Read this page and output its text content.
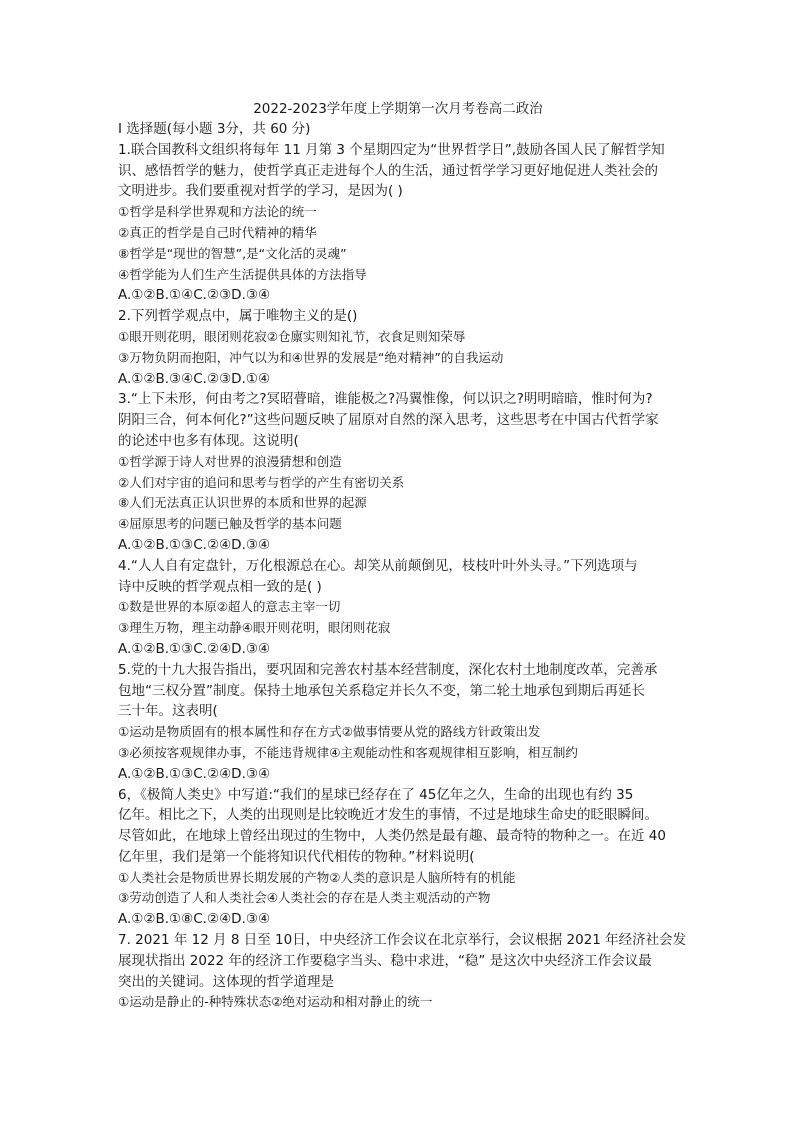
2022-2023学年度上学期第一次月考卷高二政治

I 选择题(每小题 3分，共 60 分)

1.联合国教科文组织将每年 11 月第 3 个星期四定为“世界哲学日”,鼓励各国人民了解哲学知

识、感悟哲学的魅力，使哲学真正走进每个人的生活，通过哲学学习更好地促进人类社会的

文明进步。我们要重视对哲学的学习，是因为( )

①哲学是科学世界观和方法论的统一

②真正的哲学是自己时代精神的精华

⑧哲学是“现世的智慧”,是“文化活的灵魂”

④哲学能为人们生产生活提供具体的方法指导

A.①②B.①④C.②③D.③④

2.下列哲学观点中，属于唯物主义的是()

①眼开则花明，眼闭则花寂②仓廪实则知礼节，衣食足则知荣辱

③万物负阴而抱阳，冲气以为和④世界的发展是“绝对精神”的自我运动

A.①②B.③④C.②③D.①④

3.“上下未形，何由考之?冥昭瞢暗，谁能极之?冯翼惟像，何以识之?明明暗暗，惟时何为?

阴阳三合，何本何化?”这些问题反映了屈原对自然的深入思考，这些思考在中国古代哲学家

的论述中也多有体现。这说明(

①哲学源于诗人对世界的浪漫猜想和创造

②人们对宇宙的追问和思考与哲学的产生有密切关系

⑧人们无法真正认识世界的本质和世界的起源

④屈原思考的问题已触及哲学的基本问题

A.①②B.①③C.②④D.③④

4.“人人自有定盘针，万化根源总在心。却笑从前颠倒见，枝枝叶叶外头寻。”下列选项与

诗中反映的哲学观点相一致的是( )

①数是世界的本原②超人的意志主宰一切

③理生万物，理主动静④眼开则花明，眼闭则花寂

A.①②B.①③C.②④D.③④

5.党的十九大报告指出，要巩固和完善农村基本经营制度，深化农村土地制度改革，完善承

包地“三权分置”制度。保持土地承包关系稳定并长久不变，第二轮土地承包到期后再延长

三十年。这表明(

①运动是物质固有的根本属性和存在方式②做事情要从党的路线方针政策出发

③必须按客观规律办事，不能违背规律④主观能动性和客观规律相互影响，相互制约

A.①②B.①③C.②④D.③④

6，《极简人类史》中写道:“我们的星球已经存在了 45亿年之久，生命的出现也有约 35

亿年。相比之下，人类的出现则是比较晚近才发生的事情，不过是地球生命史的眨眼瞬间。

尽管如此，在地球上曾经出现过的生物中，人类仍然是最有趣、最奇特的物种之一。在近 40

亿年里，我们是第一个能将知识代代相传的物种。”材料说明(

①人类社会是物质世界长期发展的产物②人类的意识是人脑所特有的机能

③劳动创造了人和人类社会④人类社会的存在是人类主观活动的产物

A.①②B.①⑧C.②④D.③④

7. 2021 年 12 月 8 日至 10日，中央经济工作会议在北京举行，会议根据 2021 年经济社会发

展现状指出 2022 年的经济工作要稳字当头、稳中求进，“稳” 是这次中央经济工作会议最

突出的关键词。这体现的哲学道理是

①运动是静止的-种特殊状态②绝对运动和相对静止的统一
